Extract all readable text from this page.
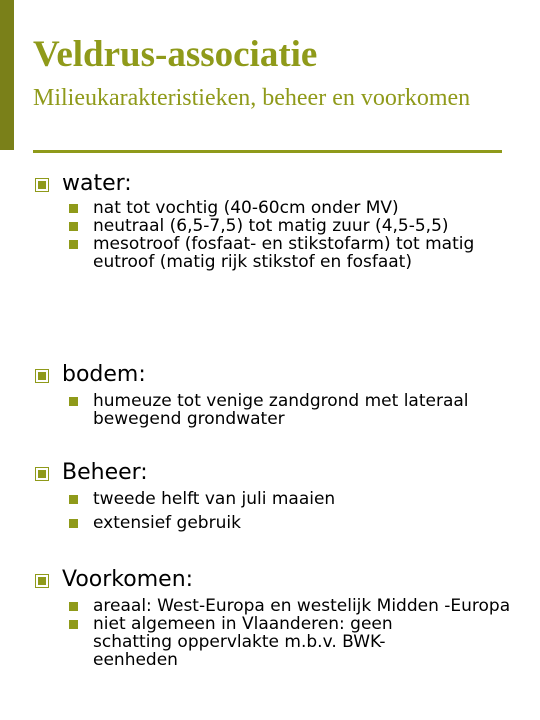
Veldrus-associatie
Milieukarakteristieken, beheer en voorkomen
water:
nat tot vochtig (40-60cm onder MV)
neutraal (6,5-7,5) tot matig zuur (4,5-5,5)
mesotroof (fosfaat- en stikstofarm) tot matig eutroof (matig rijk stikstof en fosfaat)
bodem:
humeuze tot venige zandgrond met lateraal bewegend grondwater
Beheer:
tweede helft van juli maaien
extensief gebruik
Voorkomen:
areaal: West-Europa en westelijk Midden -Europa
niet algemeen in Vlaanderen: geen schatting oppervlakte m.b.v. BWK-eenheden
